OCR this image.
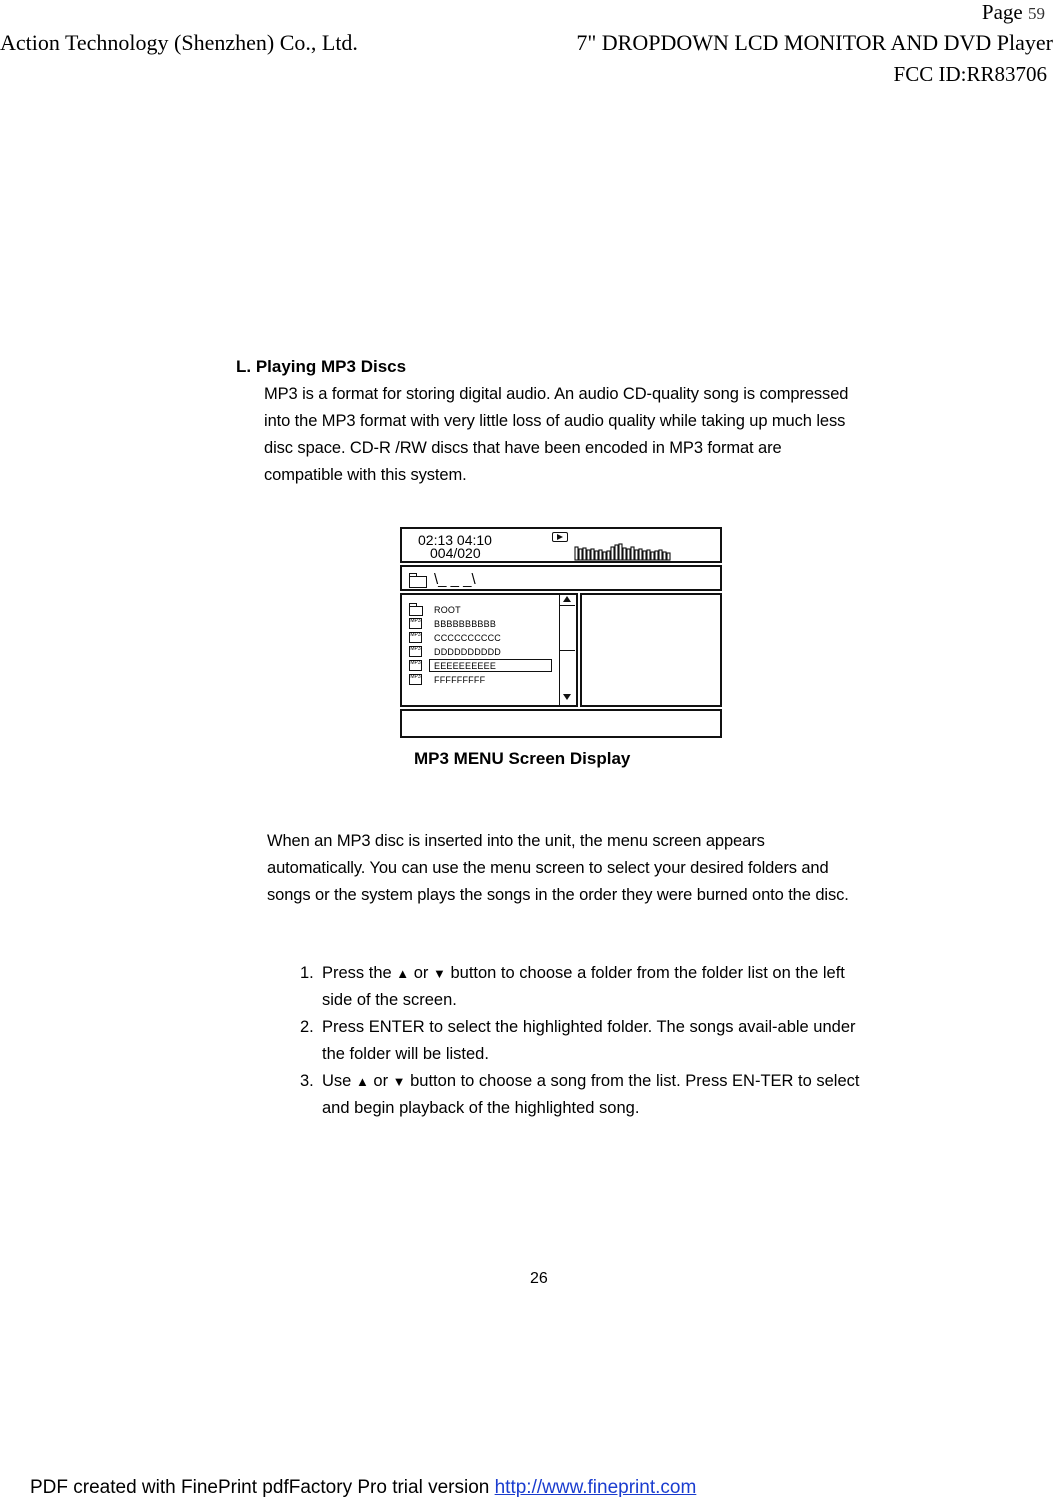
Page 59
Action Technology (Shenzhen) Co., Ltd.	7" DROPDOWN LCD MONITOR AND DVD Player
FCC ID:RR83706
L. Playing MP3 Discs
MP3 is a format for storing digital audio. An audio CD-quality song is compressed into the MP3 format with very little loss of audio quality while taking up much less disc space. CD-R /RW discs that have been encoded in MP3 format are compatible with this system.
02:13 04:10
004/020
\_ _ _\
ROOT
MP3 BBBBBBBBBB
MP3 CCCCCCCCCC
MP3 DDDDDDDDDD
MP3 EEEEEEEEEE
MP3 FFFFFFFFF
MP3 MENU Screen Display
When an MP3 disc is inserted into the unit, the menu screen appears automatically. You can use the menu screen to select your desired folders and songs or the system plays the songs in the order they were burned onto the disc.
1. Press the ▲ or ▼ button to choose a folder from the folder list on the left side of the screen.
2. Press ENTER to select the highlighted folder. The songs avail-able under the folder will be listed.
3. Use ▲ or ▼ button to choose a song from the list. Press EN-TER to select and begin playback of the highlighted song.
26
PDF created with FinePrint pdfFactory Pro trial version http://www.fineprint.com
